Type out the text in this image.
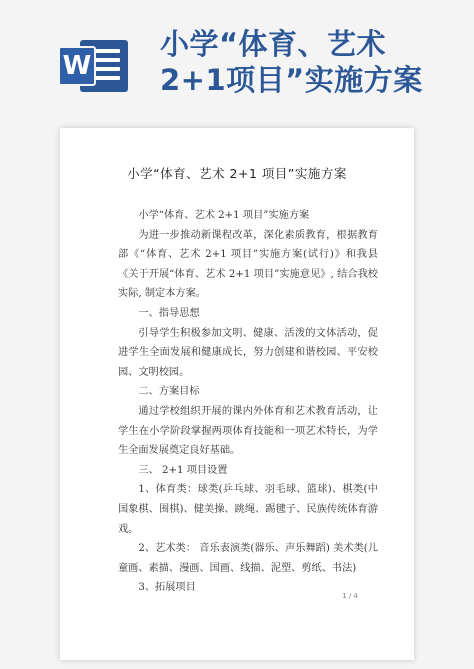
W
小学“体育、艺术
2+1项目”实施方案
小学“体育、艺术 2+1 项目”实施方案

小学“体育、艺术 2+1 项目”实施方案

为进一步推动新课程改革，深化素质教育，根据教育部《“体育、艺术 2+1 项目”实施方案(试行)》和我县《关于开展“体育、艺术 2+1 项目”实施意见》, 结合我校实际, 制定本方案。

一、指导思想

引导学生积极参加文明、健康、活泼的文体活动，促进学生全面发展和健康成长，努力创建和谐校园、平安校园、文明校园。

二、方案目标

通过学校组织开展的课内外体育和艺术教育活动，让学生在小学阶段掌握两项体育技能和一项艺术特长，为学生全面发展奠定良好基础。

三、 2+1 项目设置

1、体育类：球类(乒乓球、羽毛球、篮球)、棋类(中国象棋、围棋)、健美操、跳绳、踢毽子、民族传统体育游戏。

2、艺术类： 音乐表演类(器乐、声乐舞蹈) 美术类(儿童画、素描、漫画、国画、线描、泥塑、剪纸、书法)

3、拓展项目

1 / 4
